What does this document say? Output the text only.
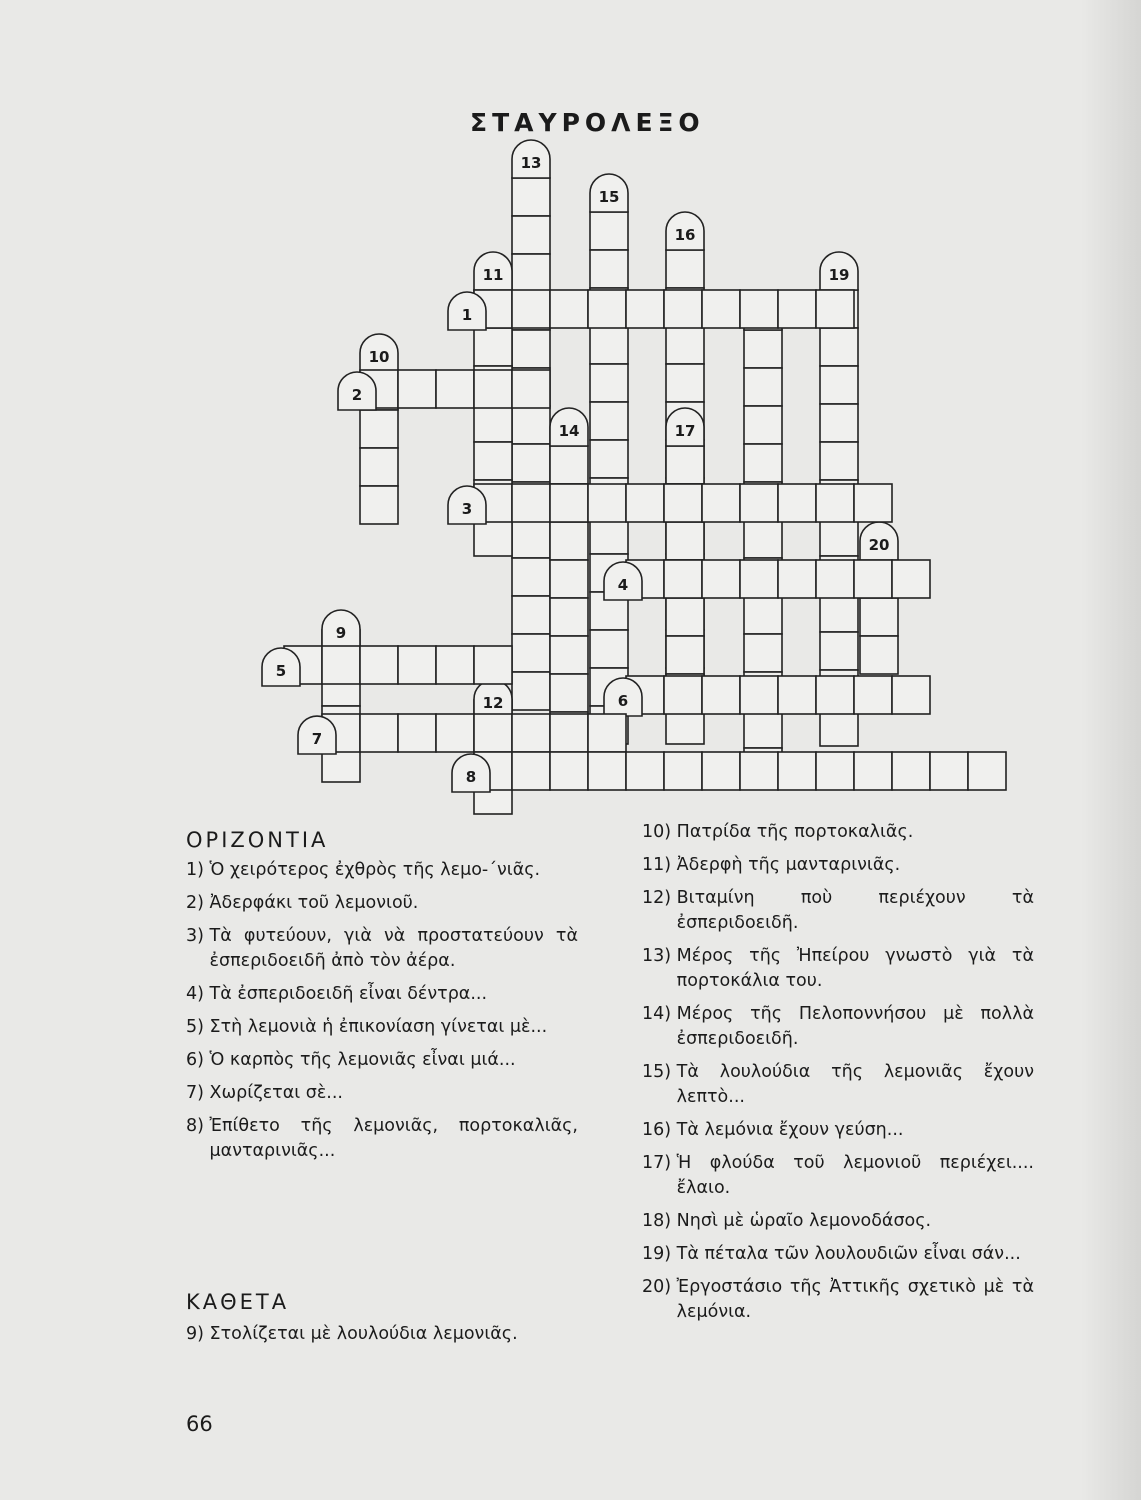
ΣΤΑΥΡΟΛΕΞΟ
13
15
16
11	19
10
14	17
20
9
12
1
2
3
4
5
6
7
8
ΟΡΙΖΟΝΤΙΑ
1) Ὁ χειρότερος ἐχθρὸς τῆς λεμο-´νιᾶς.
2) Ἀδερφάκι τοῦ λεμονιοῦ.
3) Τὰ φυτεύουν, γιὰ νὰ προστατεύουν τὰ ἐσπεριδοειδῆ ἀπὸ τὸν ἀέρα.
4) Τὰ ἐσπεριδοειδῆ εἶναι δέντρα...
5) Στὴ λεμονιὰ ἡ ἐπικονίαση γίνεται μὲ...
6) Ὁ καρπὸς τῆς λεμονιᾶς εἶναι μιά...
7) Χωρίζεται σὲ...
8) Ἐπίθετο τῆς λεμονιᾶς, πορτοκαλιᾶς, μανταρινιᾶς...
ΚΑΘΕΤΑ
9) Στολίζεται μὲ λουλούδια λεμονιᾶς.
10) Πατρίδα τῆς πορτοκαλιᾶς.
11) Ἀδερφὴ τῆς μανταρινιᾶς.
12) Βιταμίνη ποὺ περιέχουν τὰ ἐσπεριδοειδῆ.
13) Μέρος τῆς Ἠπείρου γνωστὸ γιὰ τὰ πορτοκάλια του.
14) Μέρος τῆς Πελοποννήσου μὲ πολλὰ ἐσπεριδοειδῆ.
15) Τὰ λουλούδια τῆς λεμονιᾶς ἔχουν λεπτὸ...
16) Τὰ λεμόνια ἔχουν γεύση...
17) Ἡ φλούδα τοῦ λεμονιοῦ περιέχει.... ἔλαιο.
18) Νησὶ μὲ ὡραῖο λεμονοδάσος.
19) Τὰ πέταλα τῶν λουλουδιῶν εἶναι σάν...
20) Ἐργοστάσιο τῆς Ἀττικῆς σχετικὸ μὲ τὰ λεμόνια.
66
